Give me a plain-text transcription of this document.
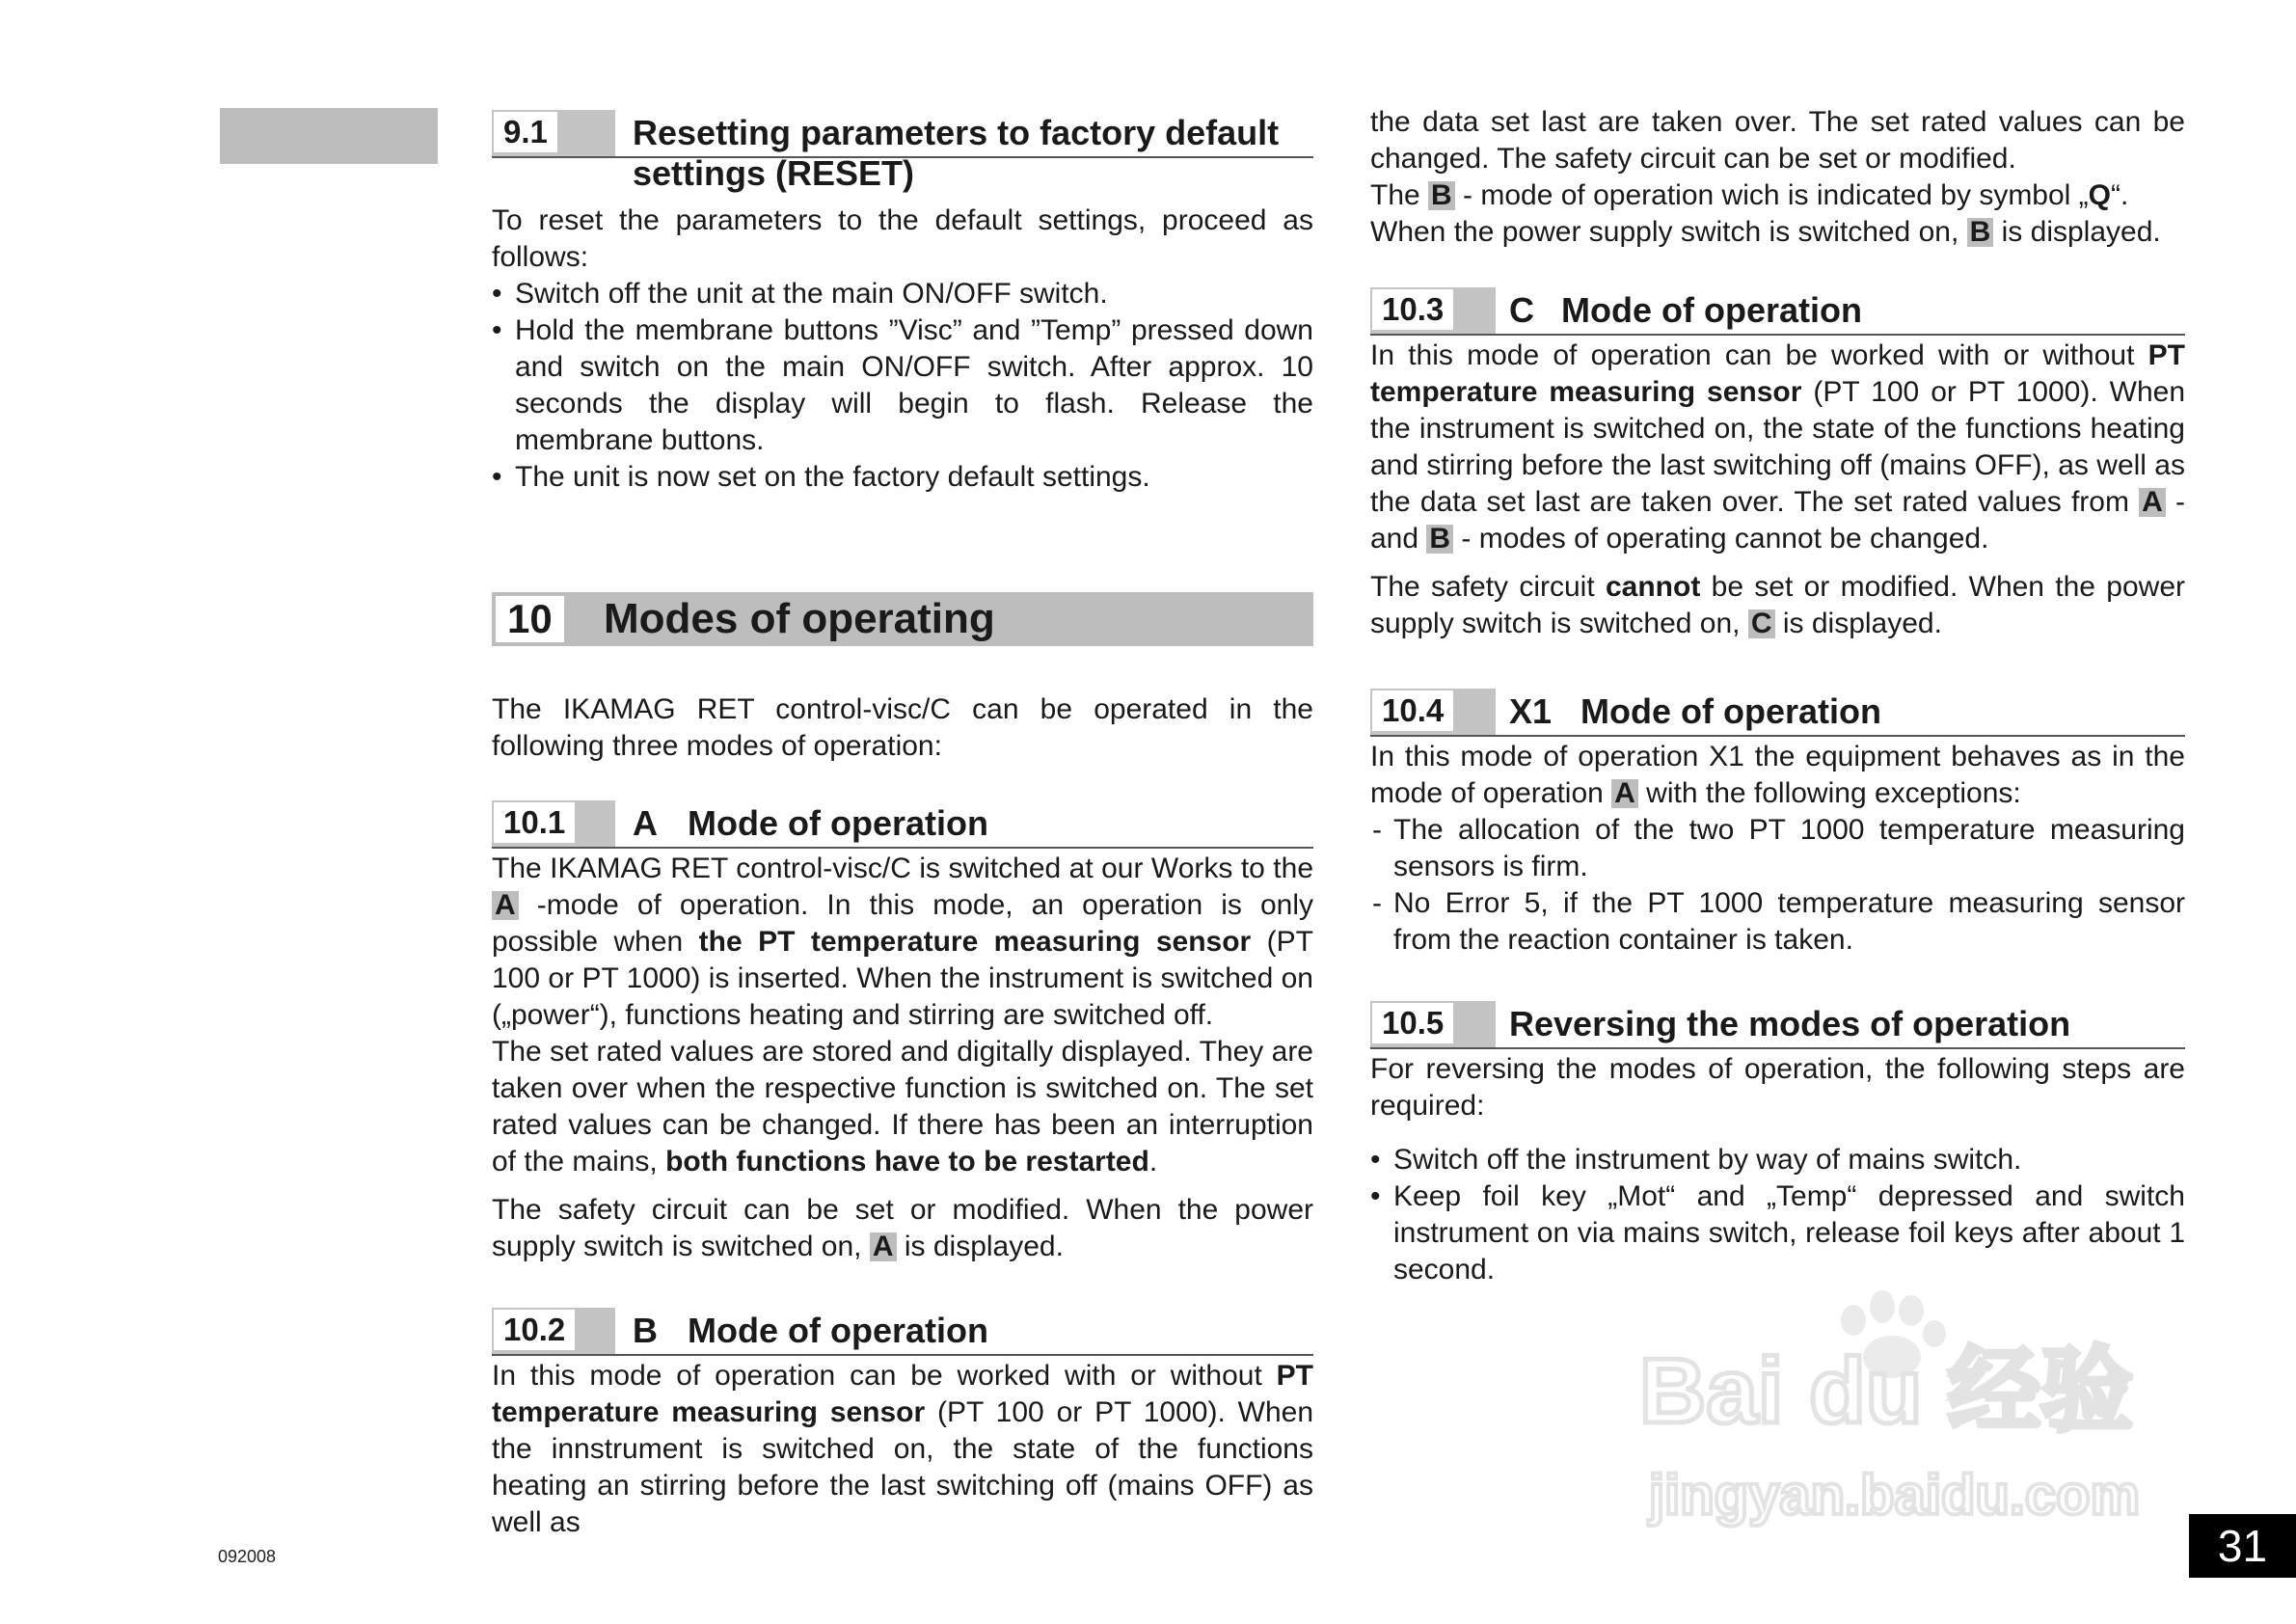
9.1	Resetting parameters to factory default
settings (RESET)

To reset the parameters to the default settings, proceed as follows:

• Switch off the unit at the main ON/OFF switch.
• Hold the membrane buttons ”Visc” and ”Temp” pressed down and switch on the main ON/OFF switch. After approx. 10 seconds the display will begin to flash. Release the membrane buttons.
• The unit is now set on the factory default settings.
10 Modes of operating

The IKAMAG RET control-visc/C can be operated in the following three modes of operation:

10.1	A Mode of operation

The IKAMAG RET control-visc/C is switched at our Works to the A -mode of operation. In this mode, an operation is only possible when the PT temperature measuring sensor (PT 100 or PT 1000) is inserted. When the instrument is switched on („power“), functions heating and stirring are switched off.

The set rated values are stored and digitally displayed. They are taken over when the respective function is switched on. The set rated values can be changed. If there has been an interruption of the mains, both functions have to be restarted.

The safety circuit can be set or modified. When the power supply switch is switched on, A is displayed.

10.2	B Mode of operation

In this mode of operation can be worked with or without PT temperature measuring sensor (PT 100 or PT 1000). When the innstrument is switched on, the state of the functions heating an stirring before the last switching off (mains OFF) as well as

the data set last are taken over. The set rated values can be changed. The safety circuit can be set or modified.

The B - mode of operation wich is indicated by symbol „Q“.

When the power supply switch is switched on, B is displayed.

10.3	C Mode of operation

In this mode of operation can be worked with or without PT temperature measuring sensor (PT 100 or PT 1000). When the instrument is switched on, the state of the functions heating and stirring before the last switching off (mains OFF), as well as the data set last are taken over. The set rated values from A -and B - modes of operating cannot be changed.

The safety circuit cannot be set or modified. When the power supply switch is switched on, C is displayed.

10.4	X1 Mode of operation

In this mode of operation X1 the equipment behaves as in the mode of operation A with the following exceptions:

- The allocation of the two PT 1000 temperature measuring sensors is firm.
- No Error 5, if the PT 1000 temperature measuring sensor from the reaction container is taken.
10.5	Reversing the modes of operation

For reversing the modes of operation, the following steps are required:

• Switch off the instrument by way of mains switch.
• Keep foil key „Mot“ and „Temp“ depressed and switch instrument on via mains switch, release foil keys after about 1 second.
Bai du 经验
jingyan.baidu.com
092008	31
